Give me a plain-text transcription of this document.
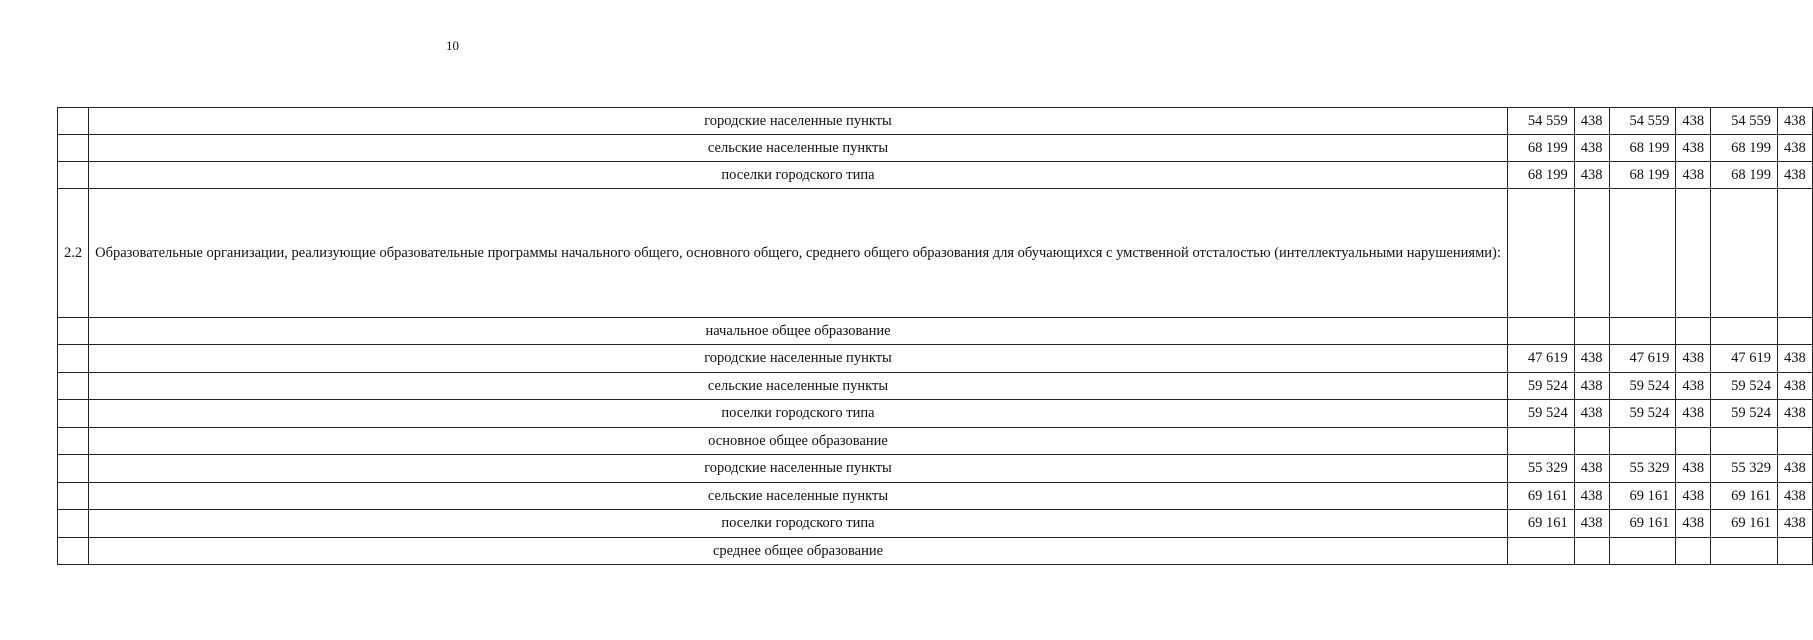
10
	городские населенные пункты	54 559	438	54 559	438	54 559	438

	сельские населенные пункты	68 199	438	68 199	438	68 199	438

	поселки городского типа	68 199	438	68 199	438	68 199	438

2.2	Образовательные организации, реализующие образовательные программы начального общего, основного общего, среднего общего образования для обучающихся с умственной отсталостью (интеллектуальными нарушениями):		

	начальное общее образование		

	городские населенные пункты	47 619	438	47 619	438	47 619	438

	сельские населенные пункты	59 524	438	59 524	438	59 524	438

	поселки городского типа	59 524	438	59 524	438	59 524	438

	основное общее образование		

	городские населенные пункты	55 329	438	55 329	438	55 329	438

	сельские населенные пункты	69 161	438	69 161	438	69 161	438

	поселки городского типа	69 161	438	69 161	438	69 161	438

	среднее общее образование		
